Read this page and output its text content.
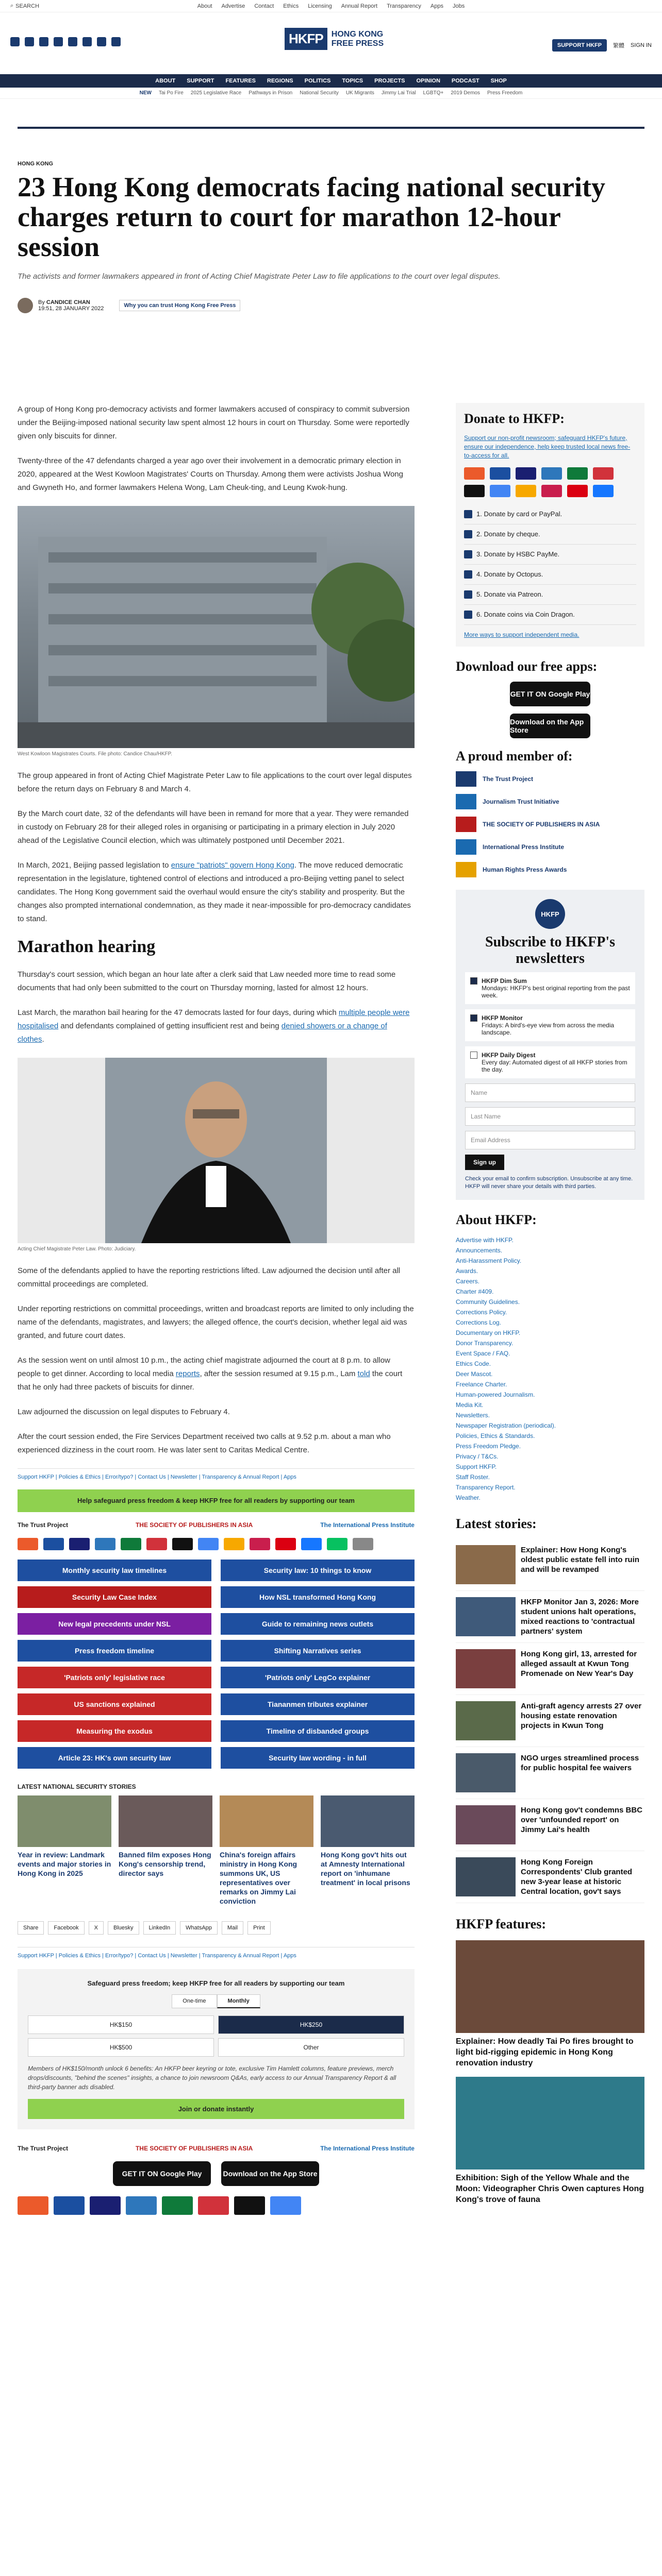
⌕ SEARCH	About Advertise Contact Ethics Licensing Annual Report Transparency Apps Jobs
HKFP	HONG KONG
FREE PRESS	SUPPORT HKFP	繁體 SIGN IN
ABOUT SUPPORT FEATURES REGIONS POLITICS TOPICS PROJECTS OPINION PODCAST SHOP
NEW Tai Po Fire 2025 Legislative Race Pathways in Prison National Security UK Migrants Jimmy Lai Trial LGBTQ+ 2019 Demos Press Freedom
HONG KONG
23 Hong Kong democrats facing national security charges return to court for marathon 12-hour session
The activists and former lawmakers appeared in front of Acting Chief Magistrate Peter Law to file applications to the court over legal disputes.
By CANDICE CHAN
19:51, 28 JANUARY 2022	Why you can trust Hong Kong Free Press

A group of Hong Kong pro-democracy activists and former lawmakers accused of conspiracy to commit subversion under the Beijing-imposed national security law spent almost 12 hours in court on Thursday. Some were reportedly given only biscuits for dinner.

Twenty-three of the 47 defendants charged a year ago over their involvement in a democratic primary election in 2020, appeared at the West Kowloon Magistrates' Courts on Thursday. Among them were activists Joshua Wong and Gwyneth Ho, and former lawmakers Helena Wong, Lam Cheuk-ting, and Leung Kwok-hung.

West Kowloon Magistrates Courts. File photo: Candice Chau/HKFP.

The group appeared in front of Acting Chief Magistrate Peter Law to file applications to the court over legal disputes before the return days on February 8 and March 4.

By the March court date, 32 of the defendants will have been in remand for more that a year. They were remanded in custody on February 28 for their alleged roles in organising or participating in a primary election in July 2020 ahead of the Legislative Council election, which was ultimately postponed until December 2021.

In March, 2021, Beijing passed legislation to ensure "patriots" govern Hong Kong. The move reduced democratic representation in the legislature, tightened control of elections and introduced a pro-Beijing vetting panel to select candidates. The Hong Kong government said the overhaul would ensure the city's stability and prosperity. But the changes also prompted international condemnation, as they made it near-impossible for pro-democracy candidates to stand.

Marathon hearing

Thursday's court session, which began an hour late after a clerk said that Law needed more time to read some documents that had only been submitted to the court on Thursday morning, lasted for almost 12 hours.

Last March, the marathon bail hearing for the 47 democrats lasted for four days, during which multiple people were hospitalised and defendants complained of getting insufficient rest and being denied showers or a change of clothes.

Acting Chief Magistrate Peter Law. Photo: Judiciary.

Some of the defendants applied to have the reporting restrictions lifted. Law adjourned the decision until after all committal proceedings are completed.

Under reporting restrictions on committal proceedings, written and broadcast reports are limited to only including the name of the defendants, magistrates, and lawyers; the alleged offence, the court's decision, whether legal aid was granted, and future court dates.

As the session went on until almost 10 p.m., the acting chief magistrate adjourned the court at 8 p.m. to allow people to get dinner. According to local media reports, after the session resumed at 9.15 p.m., Lam told the court that he only had three packets of biscuits for dinner.

Law adjourned the discussion on legal disputes to February 4.

After the court session ended, the Fire Services Department received two calls at 9.52 p.m. about a man who experienced dizziness in the court room. He was later sent to Caritas Medical Centre.

Support HKFP | Policies & Ethics | Error/typo? | Contact Us | Newsletter | Transparency & Annual Report | Apps
Help safeguard press freedom & keep HKFP free for all readers by supporting our team
The Trust Project	THE SOCIETY OF PUBLISHERS IN ASIA	The International Press Institute
Monthly security law timelines	Security law: 10 things to know
Security Law Case Index	How NSL transformed Hong Kong
New legal precedents under NSL	Guide to remaining news outlets
Press freedom timeline	Shifting Narratives series
'Patriots only' legislative race	'Patriots only' LegCo explainer
US sanctions explained	Tiananmen tributes explainer
Measuring the exodus	Timeline of disbanded groups
Article 23: HK's own security law	Security law wording - in full
LATEST NATIONAL SECURITY STORIES
Year in review: Landmark events and major stories in Hong Kong in 2025
Banned film exposes Hong Kong's censorship trend, director says
China's foreign affairs ministry in Hong Kong summons UK, US representatives over remarks on Jimmy Lai conviction
Hong Kong gov't hits out at Amnesty International report on 'inhumane treatment' in local prisons
Share	Facebook	X	Bluesky	LinkedIn	WhatsApp	Mail	Print
Support HKFP | Policies & Ethics | Error/typo? | Contact Us | Newsletter | Transparency & Annual Report | Apps
Safeguard press freedom; keep HKFP free for all readers by supporting our team
One-time	Monthly
HK$150	HK$250
HK$500	Other

Members of HK$150/month unlock 6 benefits: An HKFP beer keyring or tote, exclusive Tim Hamlett columns, feature previews, merch drops/discounts, "behind the scenes" insights, a chance to join newsroom Q&As, early access to our Annual Transparency Report & all third-party banner ads disabled.

Join or donate instantly
The Trust Project	THE SOCIETY OF PUBLISHERS IN ASIA	The International Press Institute
GET IT ON Google Play	Download on the App Store
Donate to HKFP:

Support our non-profit newsroom; safeguard HKFP's future, ensure our independence, help keep trusted local news free-to-access for all.

1. Donate by card or PayPal.
2. Donate by cheque.
3. Donate by HSBC PayMe.
4. Donate by Octopus.
5. Donate via Patreon.
6. Donate coins via Coin Dragon.
More ways to support independent media.
Download our free apps:
GET IT ON Google Play
Download on the App Store
A proud member of:
The Trust Project
Journalism Trust Initiative
THE SOCIETY OF PUBLISHERS IN ASIA
International Press Institute
Human Rights Press Awards
HKFP
Subscribe to HKFP's newsletters
HKFP Dim Sum
Mondays: HKFP's best original reporting from the past week.
HKFP Monitor
Fridays: A bird's-eye view from across the media landscape.
HKFP Daily Digest
Every day: Automated digest of all HKFP stories from the day.
Name
Last Name
Email Address
Sign up

Check your email to confirm subscription. Unsubscribe at any time. HKFP will never share your details with third parties.

About HKFP:
Advertise with HKFP.
Announcements.
Anti-Harassment Policy.
Awards.
Careers.
Charter #409.
Community Guidelines.
Corrections Policy.
Corrections Log.
Documentary on HKFP.
Donor Transparency.
Event Space / FAQ.
Ethics Code.
Deer Mascot.
Freelance Charter.
Human-powered Journalism.
Media Kit.
Newsletters.
Newspaper Registration (periodical).
Policies, Ethics & Standards.
Press Freedom Pledge.
Privacy / T&Cs.
Support HKFP.
Staff Roster.
Transparency Report.
Weather.
Latest stories:
Explainer: How Hong Kong's oldest public estate fell into ruin and will be revamped
HKFP Monitor Jan 3, 2026: More student unions halt operations, mixed reactions to 'contractual partners' system
Hong Kong girl, 13, arrested for alleged assault at Kwun Tong Promenade on New Year's Day
Anti-graft agency arrests 27 over housing estate renovation projects in Kwun Tong
NGO urges streamlined process for public hospital fee waivers
Hong Kong gov't condemns BBC over 'unfounded report' on Jimmy Lai's health
Hong Kong Foreign Correspondents' Club granted new 3-year lease at historic Central location, gov't says
HKFP features:
Explainer: How deadly Tai Po fires brought to light bid-rigging epidemic in Hong Kong renovation industry
Exhibition: Sigh of the Yellow Whale and the Moon: Videographer Chris Owen captures Hong Kong's trove of fauna
